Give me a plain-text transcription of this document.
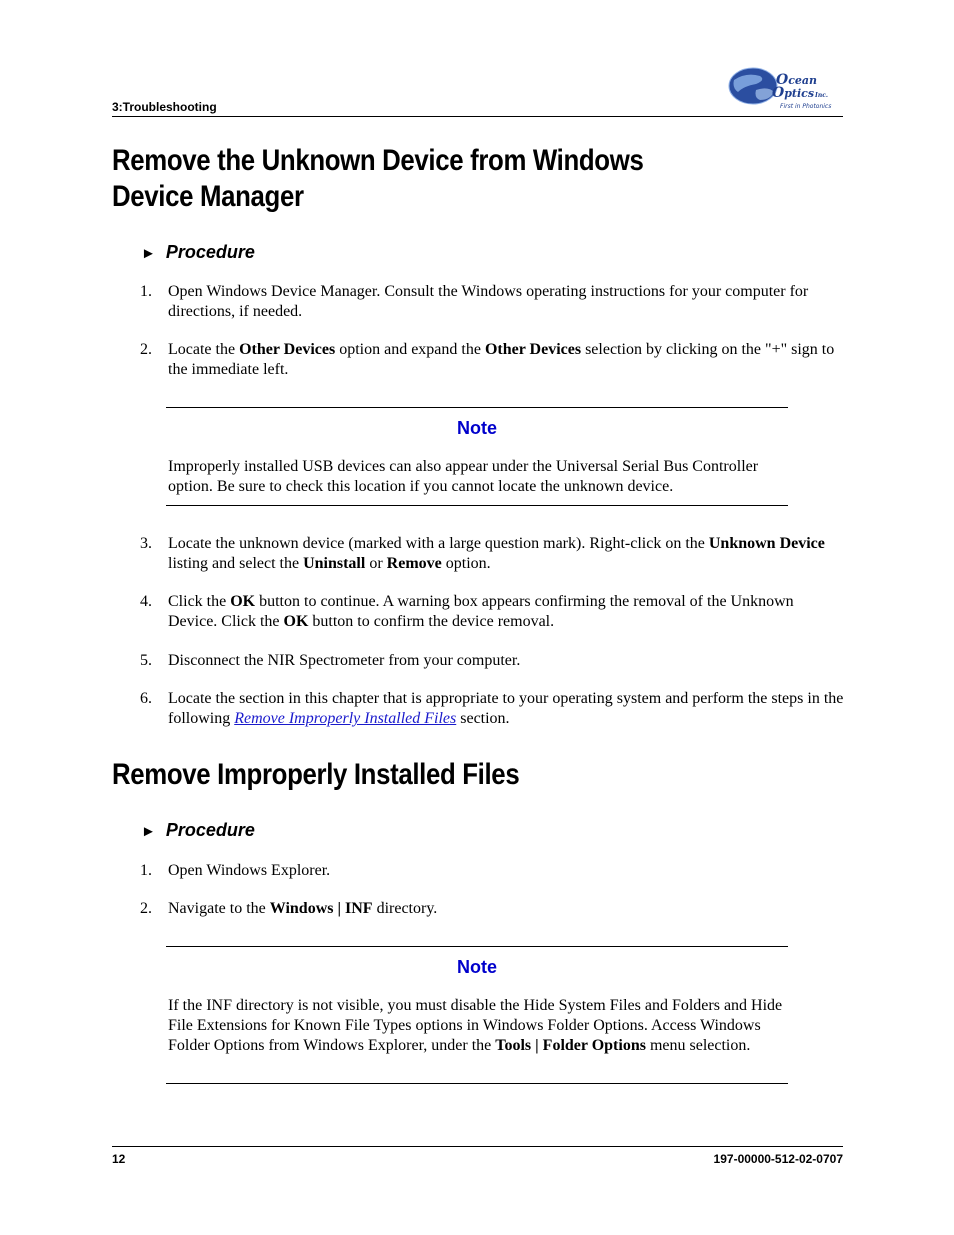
3:Troubleshooting
Ocean
OpticsInc.
First in Photonics
Remove the Unknown Device from Windows Device Manager
► Procedure
1. Open Windows Device Manager. Consult the Windows operating instructions for your computer for directions, if needed.
2. Locate the Other Devices option and expand the Other Devices selection by clicking on the "+" sign to the immediate left.
Note
Improperly installed USB devices can also appear under the Universal Serial Bus Controller option. Be sure to check this location if you cannot locate the unknown device.
3. Locate the unknown device (marked with a large question mark). Right-click on the Unknown Device listing and select the Uninstall or Remove option.
4. Click the OK button to continue. A warning box appears confirming the removal of the Unknown Device. Click the OK button to confirm the device removal.
5. Disconnect the NIR Spectrometer from your computer.
6. Locate the section in this chapter that is appropriate to your operating system and perform the steps in the following Remove Improperly Installed Files section.
Remove Improperly Installed Files
► Procedure
1. Open Windows Explorer.
2. Navigate to the Windows | INF directory.
Note
If the INF directory is not visible, you must disable the Hide System Files and Folders and Hide File Extensions for Known File Types options in Windows Folder Options. Access Windows Folder Options from Windows Explorer, under the Tools | Folder Options menu selection.
12	197-00000-512-02-0707
